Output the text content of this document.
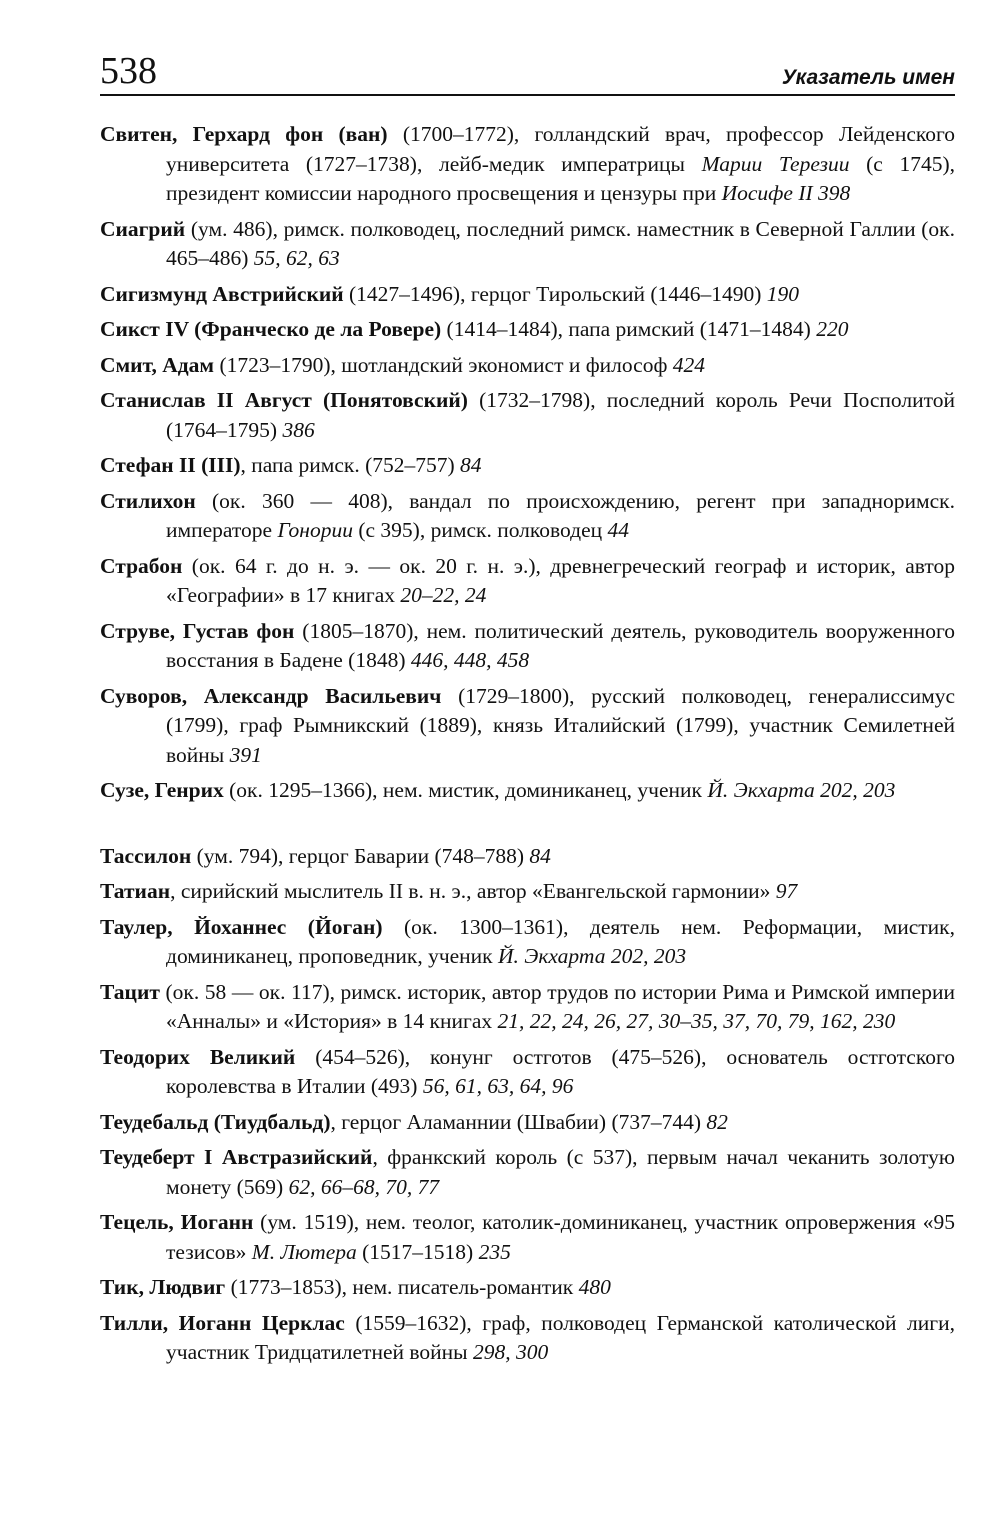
538	Указатель имен

Свитен, Герхард фон (ван) (1700–1772), голландский врач, профессор Лейденского университета (1727–1738), лейб-медик императрицы Марии Терезии (с 1745), президент комиссии народного просвещения и цензуры при Иосифе II 398

Сиагрий (ум. 486), римск. полководец, последний римск. наместник в Северной Галлии (ок. 465–486) 55, 62, 63

Сигизмунд Австрийский (1427–1496), герцог Тирольский (1446–1490) 190

Сикст IV (Франческо де ла Ровере) (1414–1484), папа римский (1471–1484) 220

Смит, Адам (1723–1790), шотландский экономист и философ 424

Станислав II Август (Понятовский) (1732–1798), последний король Речи Посполитой (1764–1795) 386

Стефан II (III), папа римск. (752–757) 84

Стилихон (ок. 360 — 408), вандал по происхождению, регент при западноримск. императоре Гонории (с 395), римск. полководец 44

Страбон (ок. 64 г. до н. э. — ок. 20 г. н. э.), древнегреческий географ и историк, автор «Географии» в 17 книгах 20–22, 24

Струве, Густав фон (1805–1870), нем. политический деятель, руководитель вооруженного восстания в Бадене (1848) 446, 448, 458

Суворов, Александр Васильевич (1729–1800), русский полководец, генералиссимус (1799), граф Рымникский (1889), князь Италийский (1799), участник Семилетней войны 391

Сузе, Генрих (ок. 1295–1366), нем. мистик, доминиканец, ученик Й. Экхарта 202, 203

Тассилон (ум. 794), герцог Баварии (748–788) 84

Татиан, сирийский мыслитель II в. н. э., автор «Евангельской гармонии» 97

Таулер, Йоханнес (Йоган) (ок. 1300–1361), деятель нем. Реформации, мистик, доминиканец, проповедник, ученик Й. Экхарта 202, 203

Тацит (ок. 58 — ок. 117), римск. историк, автор трудов по истории Рима и Римской империи «Анналы» и «История» в 14 книгах 21, 22, 24, 26, 27, 30–35, 37, 70, 79, 162, 230

Теодорих Великий (454–526), конунг остготов (475–526), основатель остготского королевства в Италии (493) 56, 61, 63, 64, 96

Теудебальд (Тиудбальд), герцог Аламаннии (Швабии) (737–744) 82

Теудеберт I Австразийский, франкский король (с 537), первым начал чеканить золотую монету (569) 62, 66–68, 70, 77

Тецель, Иоганн (ум. 1519), нем. теолог, католик-доминиканец, участник опровержения «95 тезисов» М. Лютера (1517–1518) 235

Тик, Людвиг (1773–1853), нем. писатель-романтик 480

Тилли, Иоганн Церклас (1559–1632), граф, полководец Германской католической лиги, участник Тридцатилетней войны 298, 300
